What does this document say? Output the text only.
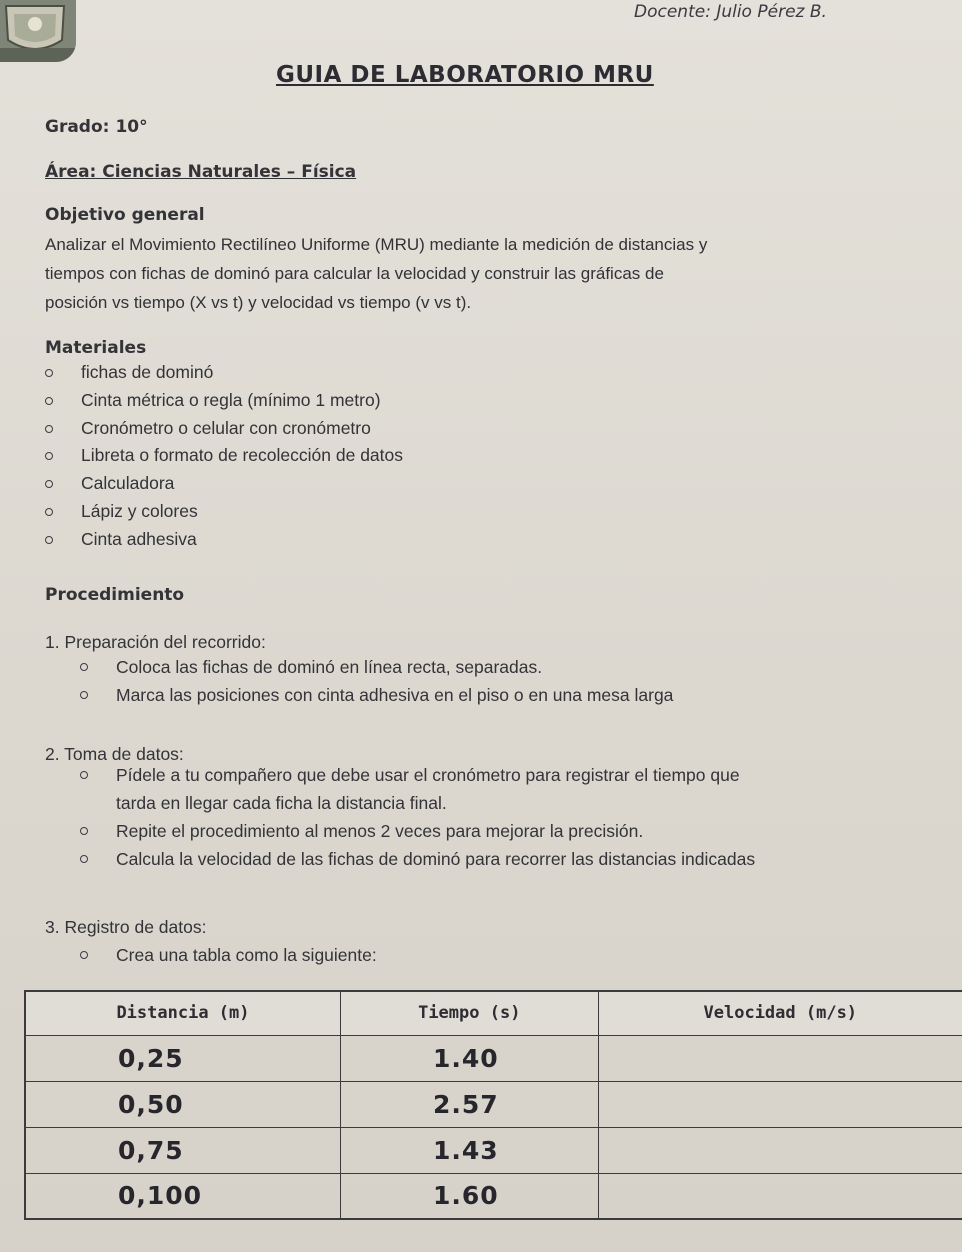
Docente: Julio Pérez B.
GUIA DE LABORATORIO MRU
Grado: 10°
Área: Ciencias Naturales – Física
Objetivo general
Analizar el Movimiento Rectilíneo Uniforme (MRU) mediante la medición de distancias y
tiempos con fichas de dominó para calcular la velocidad y construir las gráficas de
posición vs tiempo (X vs t) y velocidad vs tiempo (v vs t).
Materiales
fichas de dominó
Cinta métrica o regla (mínimo 1 metro)
Cronómetro o celular con cronómetro
Libreta o formato de recolección de datos
Calculadora
Lápiz y colores
Cinta adhesiva
Procedimiento
1. Preparación del recorrido:
Coloca las fichas de dominó en línea recta, separadas.
Marca las posiciones con cinta adhesiva en el piso o en una mesa larga
2. Toma de datos:
Pídele a tu compañero que debe usar el cronómetro para registrar el tiempo que
tarda en llegar cada ficha la distancia final.
Repite el procedimiento al menos 2 veces para mejorar la precisión.
Calcula la velocidad de las fichas de dominó para recorrer las distancias indicadas
3. Registro de datos:
Crea una tabla como la siguiente:
Distancia (m)	Tiempo (s)	Velocidad (m/s)
0,25	1.40	
0,50	2.57	
0,75	1.43	
0,100	1.60	
